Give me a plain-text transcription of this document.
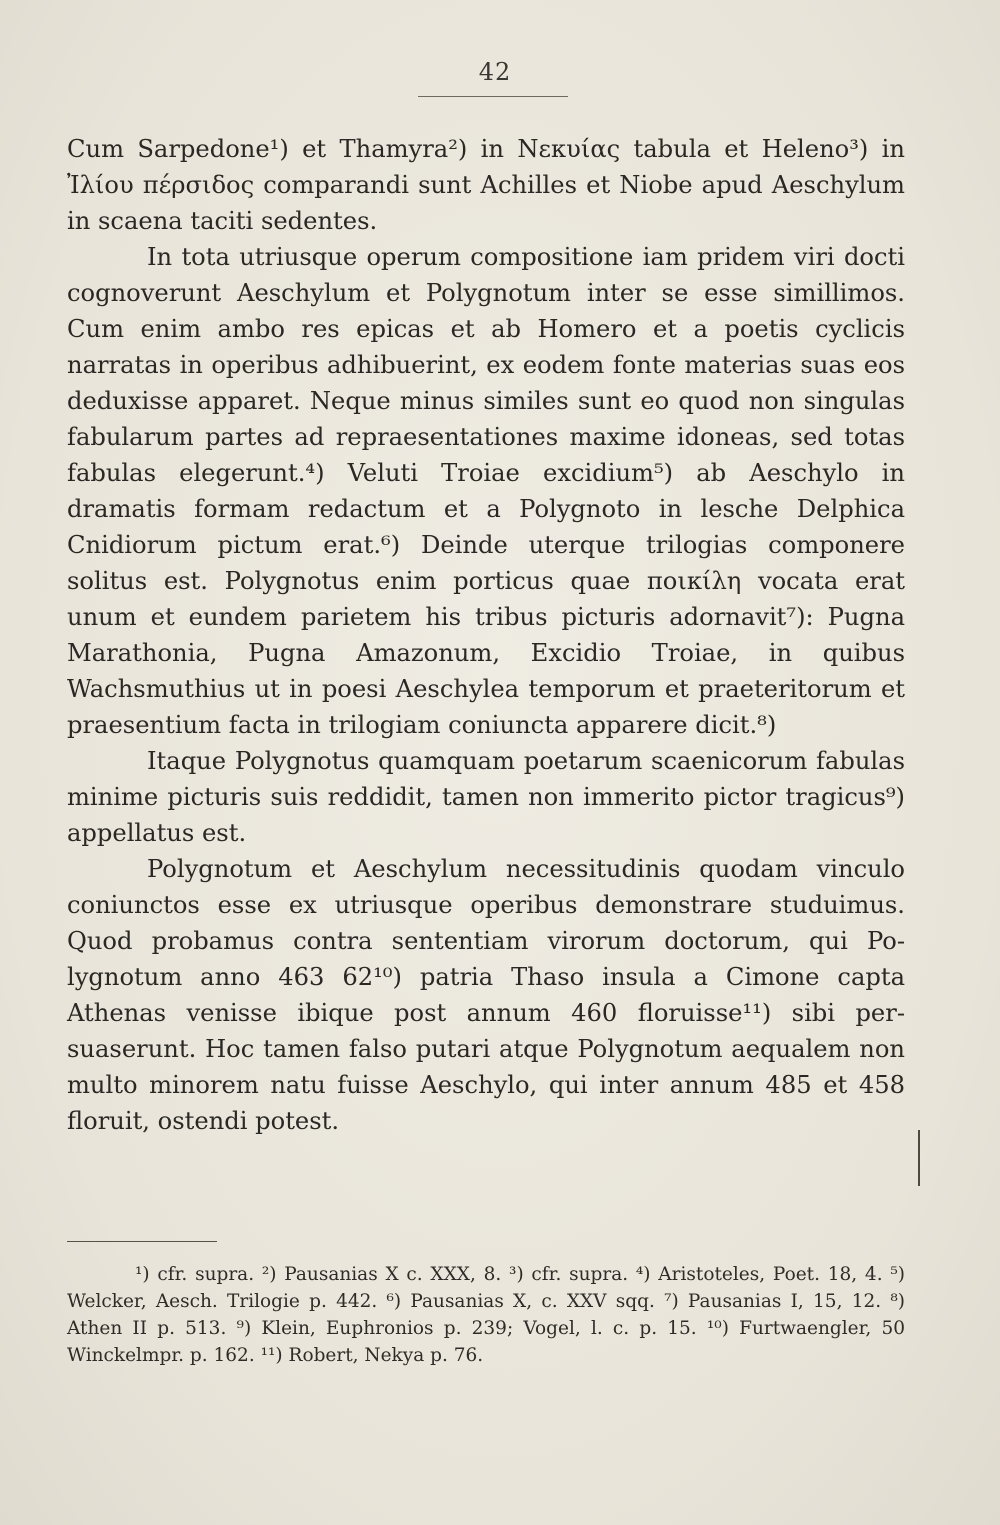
42

Cum Sarpedone¹) et Thamyra²) in Νεκυίας tabula et Heleno³) in Ἰλίου πέρσιδος comparandi sunt Achilles et Niobe apud Aeschylum in scaena taciti sedentes.

In tota utriusque operum compositione iam pridem viri docti cognoverunt Aeschylum et Polygnotum inter se esse simillimos. Cum enim ambo res epicas et ab Homero et a poetis cyclicis narratas in operibus adhibuerint, ex eodem fonte materias suas eos deduxisse apparet. Neque minus similes sunt eo quod non singulas fabularum partes ad repraesentationes maxime idoneas, sed totas fabulas elegerunt.⁴) Veluti Troiae excidium⁵) ab Aeschylo in dramatis formam redactum et a Polygnoto in lesche Delphica Cnidiorum pictum erat.⁶) Deinde uterque trilogias componere solitus est. Polygnotus enim porticus quae ποικίλη vocata erat unum et eundem parietem his tribus picturis adornavit⁷): Pugna Marathonia, Pugna Amazonum, Excidio Troiae, in quibus Wachsmuthius ut in poesi Aeschylea temporum et praeteritorum et praesentium facta in trilogiam coniuncta apparere dicit.⁸)

Itaque Polygnotus quamquam poetarum scaenicorum fabulas minime picturis suis reddidit, tamen non immerito pictor tragicus⁹) appellatus est.

Polygnotum et Aeschylum necessitudinis quodam vinculo coniunctos esse ex utriusque operibus demonstrare studuimus. Quod probamus contra sententiam virorum doctorum, qui Polygnotum anno 463 62¹⁰) patria Thaso insula a Cimone capta Athenas venisse ibique post annum 460 floruisse¹¹) sibi persuaserunt. Hoc tamen falso putari atque Polygnotum aequalem non multo minorem natu fuisse Aeschylo, qui inter annum 485 et 458 floruit, ostendi potest.

¹) cfr. supra. ²) Pausanias X c. XXX, 8. ³) cfr. supra. ⁴) Aristoteles, Poet. 18, 4. ⁵) Welcker, Aesch. Trilogie p. 442. ⁶) Pausanias X, c. XXV sqq. ⁷) Pausanias I, 15, 12. ⁸) Athen II p. 513. ⁹) Klein, Euphronios p. 239; Vogel, l. c. p. 15. ¹⁰) Furtwaengler, 50 Winckelmpr. p. 162. ¹¹) Robert, Nekya p. 76.
